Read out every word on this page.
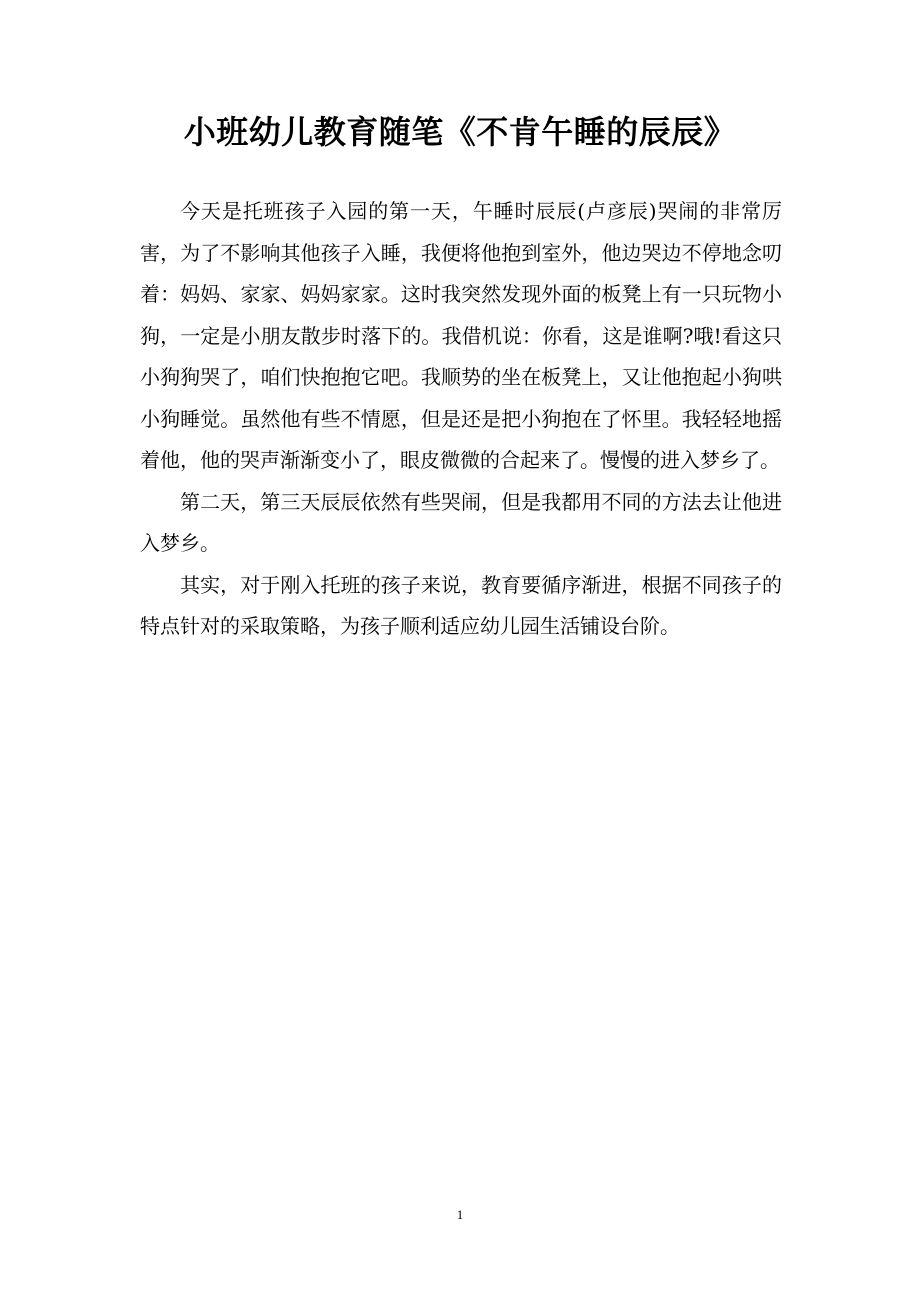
小班幼儿教育随笔《不肯午睡的辰辰》

今天是托班孩子入园的第一天，午睡时辰辰(卢彦辰)哭闹的非常厉害，为了不影响其他孩子入睡，我便将他抱到室外，他边哭边不停地念叨着：妈妈、家家、妈妈家家。这时我突然发现外面的板凳上有一只玩物小狗，一定是小朋友散步时落下的。我借机说：你看，这是谁啊?哦!看这只小狗狗哭了，咱们快抱抱它吧。我顺势的坐在板凳上，又让他抱起小狗哄小狗睡觉。虽然他有些不情愿，但是还是把小狗抱在了怀里。我轻轻地摇着他，他的哭声渐渐变小了，眼皮微微的合起来了。慢慢的进入梦乡了。

第二天，第三天辰辰依然有些哭闹，但是我都用不同的方法去让他进入梦乡。

其实，对于刚入托班的孩子来说，教育要循序渐进，根据不同孩子的特点针对的采取策略，为孩子顺利适应幼儿园生活铺设台阶。

1
